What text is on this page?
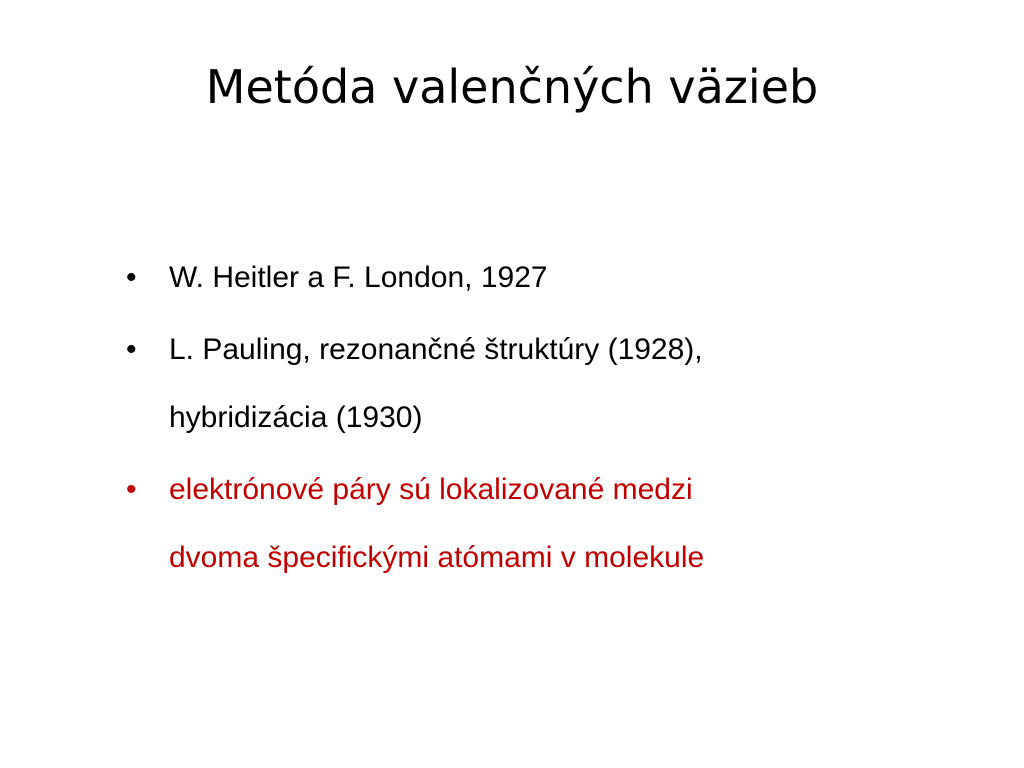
Metóda valenčných väzieb
•	W. Heitler a F. London, 1927
•	L. Pauling, rezonančné štruktúry (1928),
hybridizácia (1930)
•	elektrónové páry sú lokalizované medzi
dvoma špecifickými atómami v molekule
